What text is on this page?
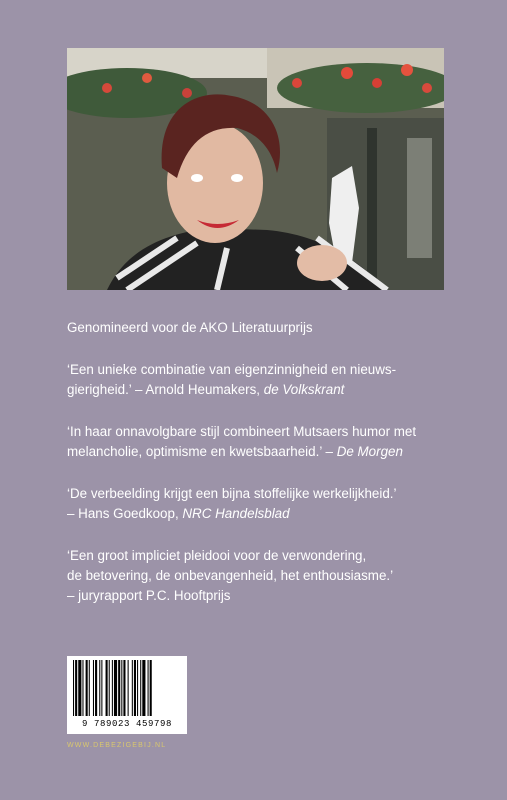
Genomineerd voor de AKO Literatuurprijs
‘Een unieke combinatie van eigenzinnigheid en nieuws-
gierigheid.’ – Arnold Heumakers, de Volkskrant
‘In haar onnavolgbare stijl combineert Mutsaers humor met
melancholie, optimisme en kwetsbaarheid.’ – De Morgen
‘De verbeelding krijgt een bijna stoffelijke werkelijkheid.’
– Hans Goedkoop, NRC Handelsblad
‘Een groot impliciet pleidooi voor de verwondering,
de betovering, de onbevangenheid, het enthousiasme.’
– juryrapport P.C. Hooftprijs
9 789023 459798
WWW.DEBEZIGEBIJ.NL
